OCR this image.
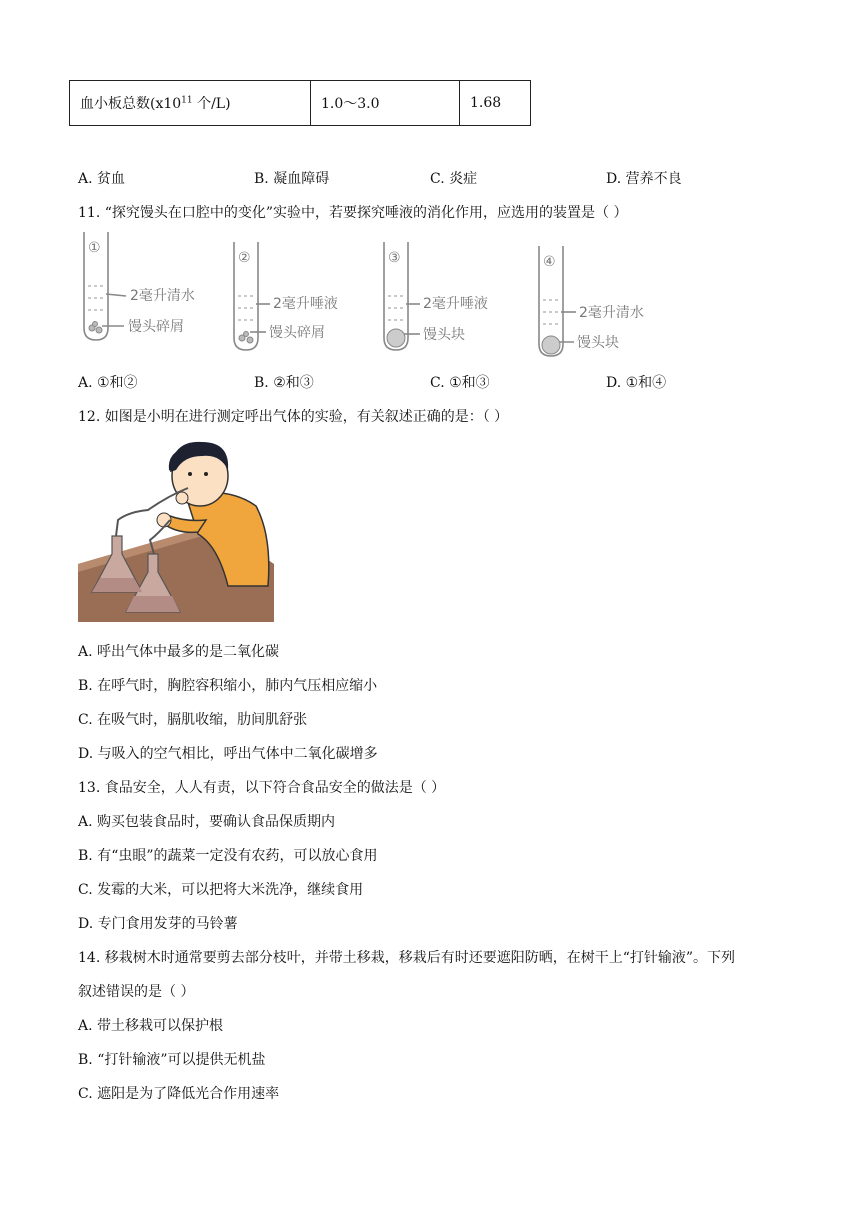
血小板总数($x10^{11}$ 个/L)	1.0～3.0	1.68
A. 贫血	B. 凝血障碍	C. 炎症	D. 营养不良
11. “探究馒头在口腔中的变化”实验中，若要探究唾液的消化作用，应选用的装置是（ ）
①
②	③	④
2毫升清水
馒头碎屑
2毫升唾液
馒头碎屑
2毫升唾液
馒头块
2毫升清水
馒头块
A. ①和②	B. ②和③	C. ①和③	D. ①和④
12. 如图是小明在进行测定呼出气体的实验，有关叙述正确的是：（ ）
A. 呼出气体中最多的是二氧化碳
B. 在呼气时，胸腔容积缩小，肺内气压相应缩小
C. 在吸气时，膈肌收缩，肋间肌舒张
D. 与吸入的空气相比，呼出气体中二氧化碳增多
13. 食品安全，人人有责，以下符合食品安全的做法是（ ）
A. 购买包装食品时，要确认食品保质期内
B. 有“虫眼”的蔬菜一定没有农药，可以放心食用
C. 发霉的大米，可以把将大米洗净，继续食用
D. 专门食用发芽的马铃薯
14. 移栽树木时通常要剪去部分枝叶，并带土移栽，移栽后有时还要遮阳防晒，在树干上“打针输液”。下列
叙述错误的是（ ）
A. 带土移栽可以保护根
B. “打针输液”可以提供无机盐
C. 遮阳是为了降低光合作用速率
